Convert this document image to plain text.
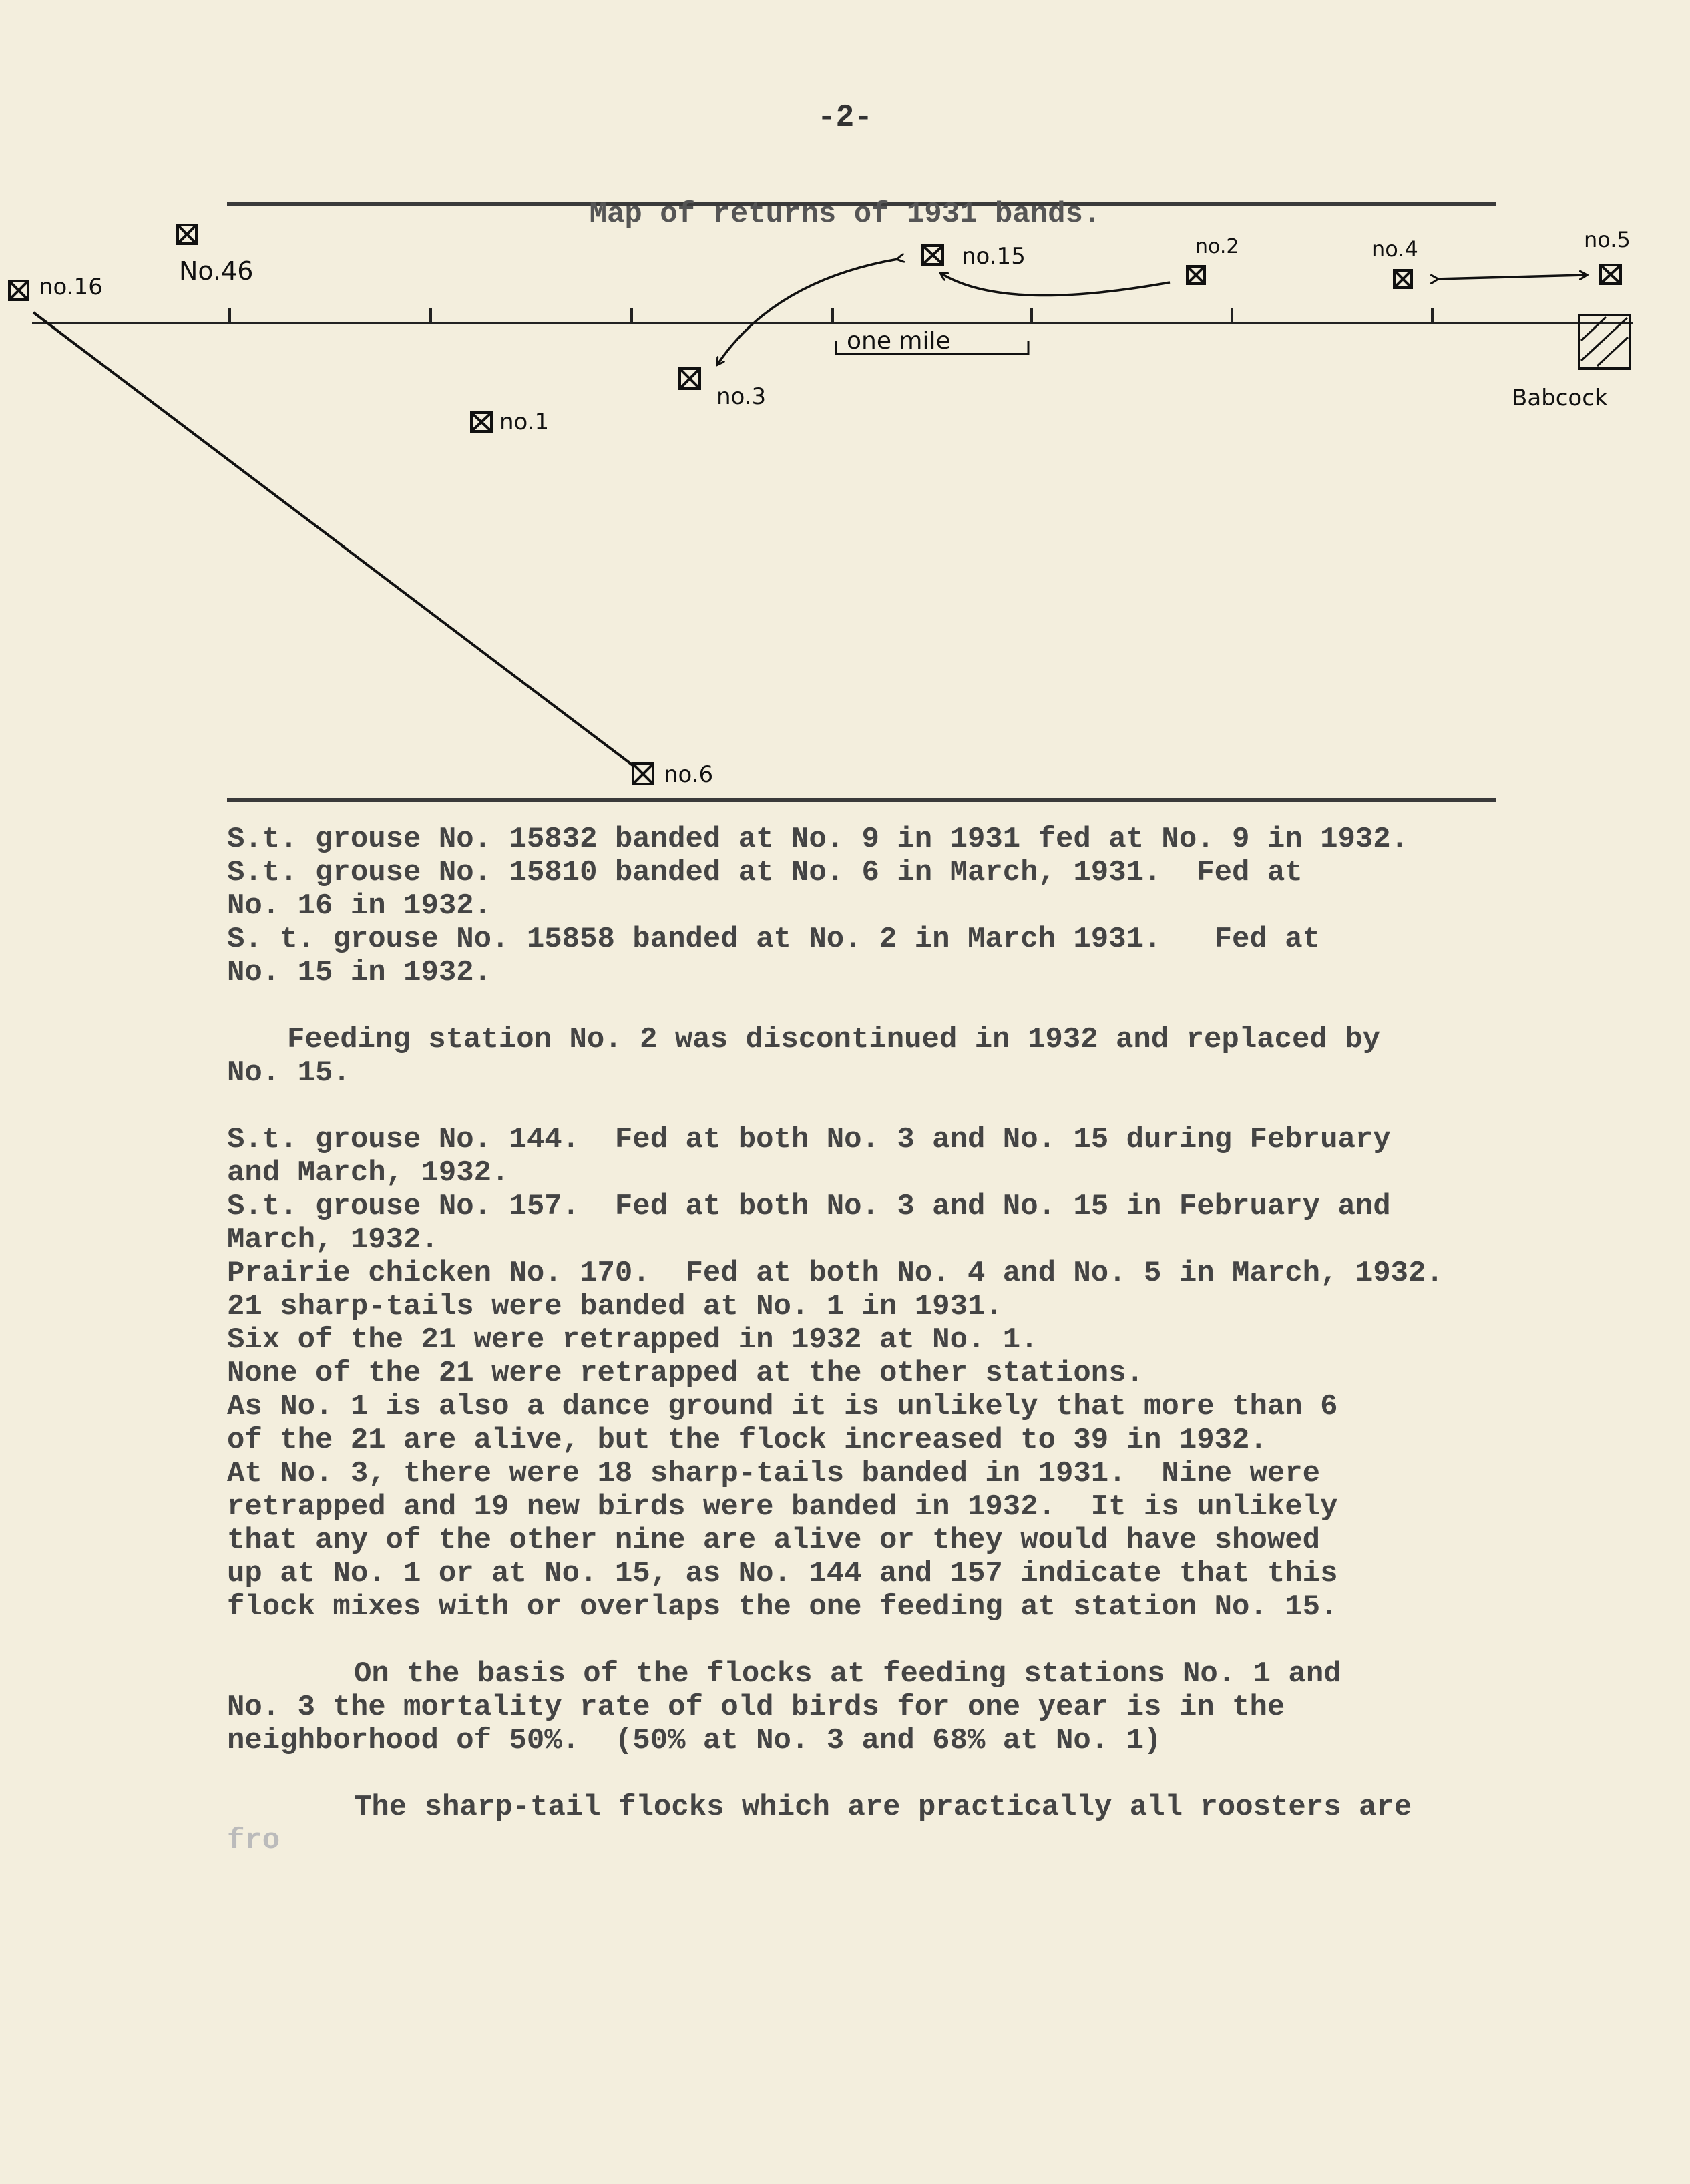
-2-
Map of returns of 1931 bands.
no.16
No.46	no.15	no.2	no.4	no.5
no.3
no.1
no.6
one mile
Babcock

S.t. grouse No. 15832 banded at No. 9 in 1931 fed at No. 9 in 1932.

S.t. grouse No. 15810 banded at No. 6 in March, 1931.  Fed at

No. 16 in 1932.

S. t. grouse No. 15858 banded at No. 2 in March 1931.   Fed at

No. 15 in 1932.

Feeding station No. 2 was discontinued in 1932 and replaced by

No. 15.

S.t. grouse No. 144.  Fed at both No. 3 and No. 15 during February

and March, 1932.

S.t. grouse No. 157.  Fed at both No. 3 and No. 15 in February and

March, 1932.

Prairie chicken No. 170.  Fed at both No. 4 and No. 5 in March, 1932.

21 sharp-tails were banded at No. 1 in 1931.

Six of the 21 were retrapped in 1932 at No. 1.

None of the 21 were retrapped at the other stations.

As No. 1 is also a dance ground it is unlikely that more than 6

of the 21 are alive, but the flock increased to 39 in 1932.

At No. 3, there were 18 sharp-tails banded in 1931.  Nine were

retrapped and 19 new birds were banded in 1932.  It is unlikely

that any of the other nine are alive or they would have showed

up at No. 1 or at No. 15, as No. 144 and 157 indicate that this

flock mixes with or overlaps the one feeding at station No. 15.

On the basis of the flocks at feeding stations No. 1 and

No. 3 the mortality rate of old birds for one year is in the

neighborhood of 50%.  (50% at No. 3 and 68% at No. 1)

The sharp-tail flocks which are practically all roosters are

fro
